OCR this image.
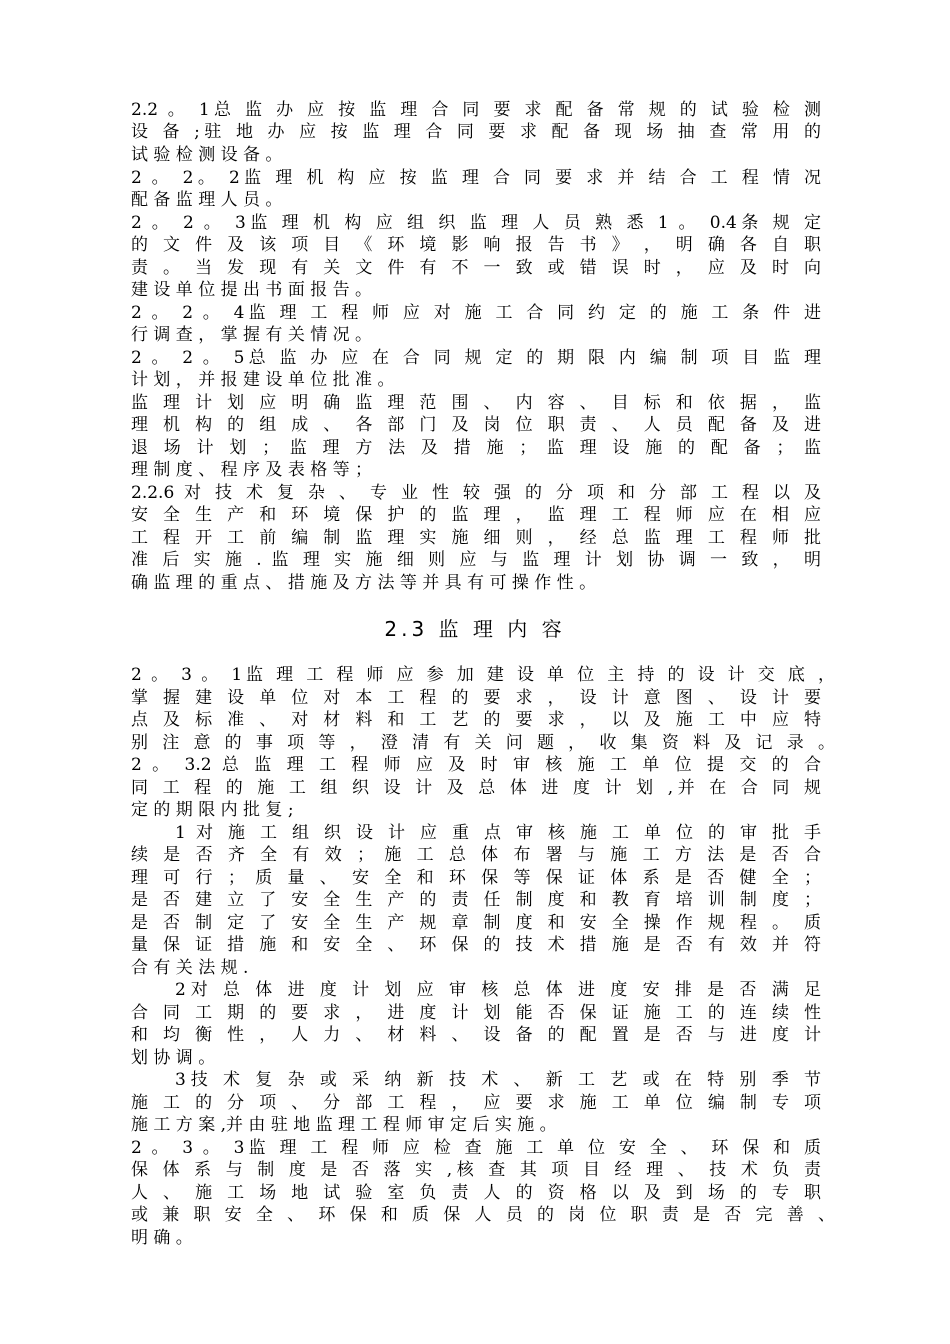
2.2 。 1总 监 办 应 按 监 理 合 同 要 求 配 备 常 规 的 试 验 检 测
设 备 ;驻 地 办 应 按 监 理 合 同 要 求 配 备 现 场 抽 查 常 用 的
试 验 检 测 设 备 。
2 。 2。 2监 理 机 构 应 按 监 理 合 同 要 求 并 结 合 工 程 情 况
配 备 监 理 人 员 。
2 。 2 。 3监 理 机 构 应 组 织 监 理 人 员 熟 悉 1 。 0.4条 规 定
的 文 件 及 该 项 目 《 环 境 影 响 报 告 书 》 ， 明 确 各 自 职
责 。 当 发 现 有 关 文 件 有 不 一 致 或 错 误 时 ， 应 及 时 向
建 设 单 位 提 出 书 面 报 告 。
2 。 2 。 4监 理 工 程 师 应 对 施 工 合 同 约 定 的 施 工 条 件 进
行 调 查 ， 掌 握 有 关 情 况 。
2 。 2 。 5总 监 办 应 在 合 同 规 定 的 期 限 内 编 制 项 目 监 理
计 划 ， 并 报 建 设 单 位 批 准 。
监 理 计 划 应 明 确 监 理 范 围 、 内 容 、 目 标 和 依 据 ， 监
理 机 构 的 组 成 、 各 部 门 及 岗 位 职 责 、 人 员 配 备 及 进
退 场 计 划 ； 监 理 方 法 及 措 施 ； 监 理 设 施 的 配 备 ； 监
理 制 度 、 程 序 及 表 格 等 ；
2.2.6 对 技 术 复 杂 、 专 业 性 较 强 的 分 项 和 分 部 工 程 以 及
安 全 生 产 和 环 境 保 护 的 监 理 ， 监 理 工 程 师 应 在 相 应
工 程 开 工 前 编 制 监 理 实 施 细 则 ， 经 总 监 理 工 程 师 批
准 后 实 施 . 监 理 实 施 细 则 应 与 监 理 计 划 协 调 一 致 ， 明
确 监 理 的 重 点 、 措 施 及 方 法 等 并 具 有 可 操 作 性 。
2.3 监 理 内 容
2 。 3 。 1监 理 工 程 师 应 参 加 建 设 单 位 主 持 的 设 计 交 底 ，
掌 握 建 设 单 位 对 本 工 程 的 要 求 ， 设 计 意 图 、 设 计 要
点 及 标 准 、 对 材 料 和 工 艺 的 要 求 ， 以 及 施 工 中 应 特
别 注 意 的 事 项 等 ， 澄 清 有 关 问 题 ， 收 集 资 料 及 记 录 。
2 。 3.2 总 监 理 工 程 师 应 及 时 审 核 施 工 单 位 提 交 的 合
同 工 程 的 施 工 组 织 设 计 及 总 体 进 度 计 划 ,并 在 合 同 规
定 的 期 限 内 批 复 ;
1 对 施 工 组 织 设 计 应 重 点 审 核 施 工 单 位 的 审 批 手
续 是 否 齐 全 有 效 ； 施 工 总 体 布 署 与 施 工 方 法 是 否 合
理 可 行 ； 质 量 、 安 全 和 环 保 等 保 证 体 系 是 否 健 全 ；
是 否 建 立 了 安 全 生 产 的 责 任 制 度 和 教 育 培 训 制 度 ；
是 否 制 定 了 安 全 生 产 规 章 制 度 和 安 全 操 作 规 程 。 质
量 保 证 措 施 和 安 全 、 环 保 的 技 术 措 施 是 否 有 效 并 符
合 有 关 法 规 .
2对 总 体 进 度 计 划 应 审 核 总 体 进 度 安 排 是 否 满 足
合 同 工 期 的 要 求 ， 进 度 计 划 能 否 保 证 施 工 的 连 续 性
和 均 衡 性 ， 人 力 、 材 料 、 设 备 的 配 置 是 否 与 进 度 计
划 协 调 。
3技 术 复 杂 或 采 纳 新 技 术 、 新 工 艺 或 在 特 别 季 节
施 工 的 分 项 、 分 部 工 程 ， 应 要 求 施 工 单 位 编 制 专 项
施 工 方 案 ,并 由 驻 地 监 理 工 程 师 审 定 后 实 施 。
2 。 3 。 3监 理 工 程 师 应 检 查 施 工 单 位 安 全 、 环 保 和 质
保 体 系 与 制 度 是 否 落 实 ,核 查 其 项 目 经 理 、 技 术 负 责
人 、 施 工 场 地 试 验 室 负 责 人 的 资 格 以 及 到 场 的 专 职
或 兼 职 安 全 、 环 保 和 质 保 人 员 的 岗 位 职 责 是 否 完 善 、
明 确 。
